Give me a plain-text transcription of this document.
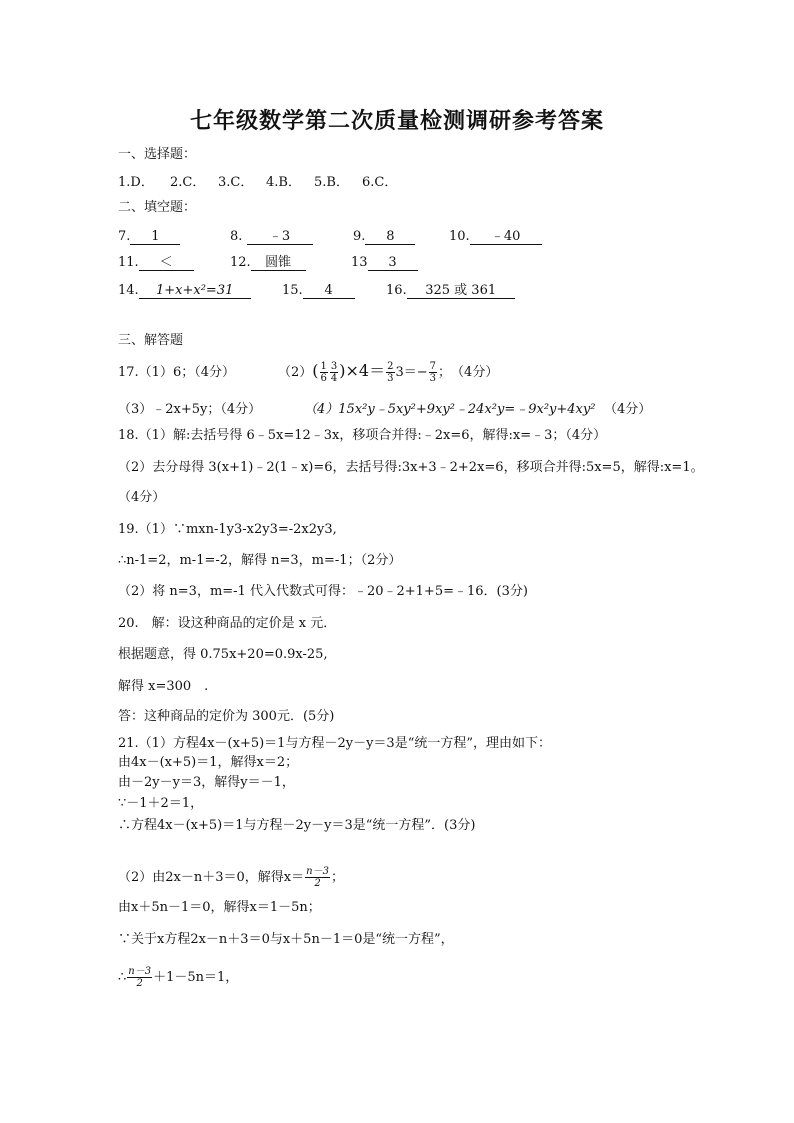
七年级数学第二次质量检测调研参考答案
一、选择题：
1.D． 2.C． 3.C． 4.B． 5.B． 6.C．
二、填空题：
7. 1	8. ﹣3	9. 8	10. ﹣40
11. ＜	12. 圆锥	13 3
14. 1+x+x²=31	15. 4	16. 325 或 361
三、解答题
17.（1）6；（4分）	$(2)( \frac{1}{6} \frac{3}{4} )\times 4= \frac{2}{3} 3=- \frac{7}{3}$ ；　（4分）
（3）﹣2x+5y；（4分）	（4）15x²y﹣5xy²+9xy²﹣24x²y=﹣9x²y+4xy² （4分）
18.（1）解:去括号得 6﹣5x=12﹣3x，移项合并得:﹣2x=6，解得:x=﹣3；（4分）
（2）去分母得 3(x+1)﹣2(1﹣x)=6，去括号得:3x+3﹣2+2x=6，移项合并得:5x=5，解得:x=1。
（4分）
19.（1）∵mxn-1y3-x2y3=-2x2y3,
∴n-1=2，m-1=-2，解得 n=3，m=-1；（2分）
（2）将 n=3，m=-1 代入代数式可得：﹣20﹣2+1+5=﹣16．(3分)
20.　解：设这种商品的定价是 x 元．
根据题意，得 0.75x+20=0.9x-25,
解得 x=300　.
答：这种商品的定价为 300元．(5分)
21.（1）方程4x－(x+5)＝1与方程－2y－y＝3是“统一方程”，理由如下：
由4x－(x+5)＝1，解得x＝2；
由－2y－y＝3，解得y＝－1，
∵－1＋2＝1，
∴方程4x－(x+5)＝1与方程－2y－y＝3是“统一方程”．(3分)
（2）由2x－n＋3＝0，解得$x= \frac{n-3}{2}$ ；
由x＋5n－1＝0，解得x＝1－5n；
∵关于x方程2x－n＋3＝0与x＋5n－1＝0是“统一方程”，
∴ $\frac{n-3}{2} +1-5n=1$，
